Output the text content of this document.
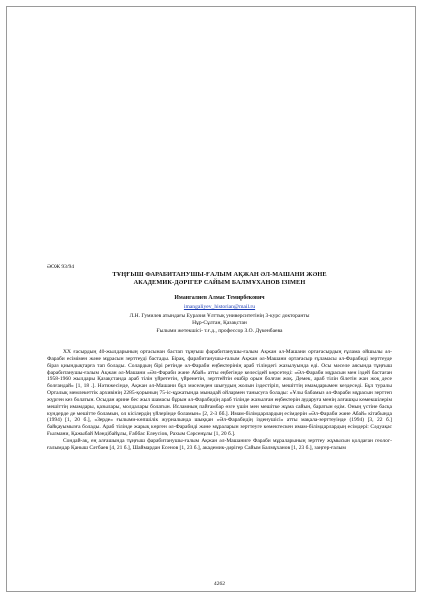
ӘОЖ 93/94
ТҰҢҒЫШ ФАРАБИТАНУШЫ-ҒАЛЫМ АҚЖАН ӘЛ-МАШАНИ ЖӘНЕ
АКАДЕМИК-ДӘРІГЕР САЙЫМ БАЛМҰХАНОВ ІЗІМЕН
Имангалиев Алмас Темирбекович
imangaliyev_historian@mail.ru
Л.Н. Гумилев атындағы Еуразия Ұлттық университетінің 3-курс докторанты
Нұр-Сұлтан, Қазақстан
Ғылыми жетекшісі- т.ғ.д., профессор З.О. Дүкенбаева

XX ғасырдың 40-жылдарының ортасынан бастап тұңғыш фарабитанушы-ғалым Ақжан әл-Машани ортағасырдың ғұлама ойшылы әл-Фараби есімімен және мұрасын зерттеуді бастады. Бірақ, фарабитанушы-ғалым Ақжан әл-Машани ортағасыр ғұламасы әл-Фарабиді зерттеуде біраз қиындықтарға тап болады. Солардың бірі ретінде әл-Фараби еңбектерінің араб тіліндегі жазылуында еді. Осы мәселе аясында тұңғыш фарабитанушы-ғалым Ақжан әл-Машани «Әл-Фараби және Абай» атты еңбегінде келесідей көрсетеді: «Әл-Фараби мұрасын мен іздей бастаған 1958-1960 жылдары Қазақстанда араб тілін үйрететін, үйренетін, зерттейтін ешбір орын болған жоқ. Демек, араб тілін білетін жан жоқ десе болғандай» [1, 18 .]. Нәтижесінде, Ақжан әл-Машани бұл мәселеден шығудың жолын іздестіріп, мешіттің имамдарымен кездеседі. Бұл туралы Орталық мемлекеттік архивінің 2285-қорының 75-іс-құжатында мынадай ойлармен танысуға болады: «Ұлы бабамыз әл-Фараби мұрасын зерттеп жүрген кез болатын. Осыдан әрине бес жыл шамасы бұрын әл-Фарабидің араб тілінде жазылған еңбектерін аударуға менің алғашқы көмекшілерім мешіттің имамдары, қазылары, молдалары болатын. Исламның пайғамбар өзге үшін мен мешітке жұма сайын, баратын едім. Оның үстіне басқа күндерде де мешітте боламын, ол кісілердің үйлерінде боламын» [2, 2-3 бб.]. Имам-білімдарлардың есімдерін «Әл-Фараби және Абай» кітабында (1994) [1, 20 б.], «Зерде» ғылыми-көпшілік журналында шыққан «Әл-Фарабидің ізденушісі» атты мақала-зерттеуінде (1994) [3, 22 б.] байқауымызға болады. Араб тілінде жарық көрген әл-Фарабиді және мұраларын зерттеуге көмектескен имам-білімдарлардың есімдері: Сәдуақас Ғылмани, Қажыбай Мәндібайұлы, Ғаббас Елеусіов, Рахым Сәрсенұлы [1, 20 б.].

Сондай-ақ, ең алғашында тұңғыш фарабитанушы-ғалым Ақжан әл-Машаниге Фараби мұраларының зерттеу жұмысын қолдаған геолог-ғалымдар Қаныш Сәтбаев [4, 21 б.], Шаймардан Есенов [1, 23 б.], академик-дәрігер Сайым Балмұханов [1, 23 б.], заңгер-ғалым

4262
